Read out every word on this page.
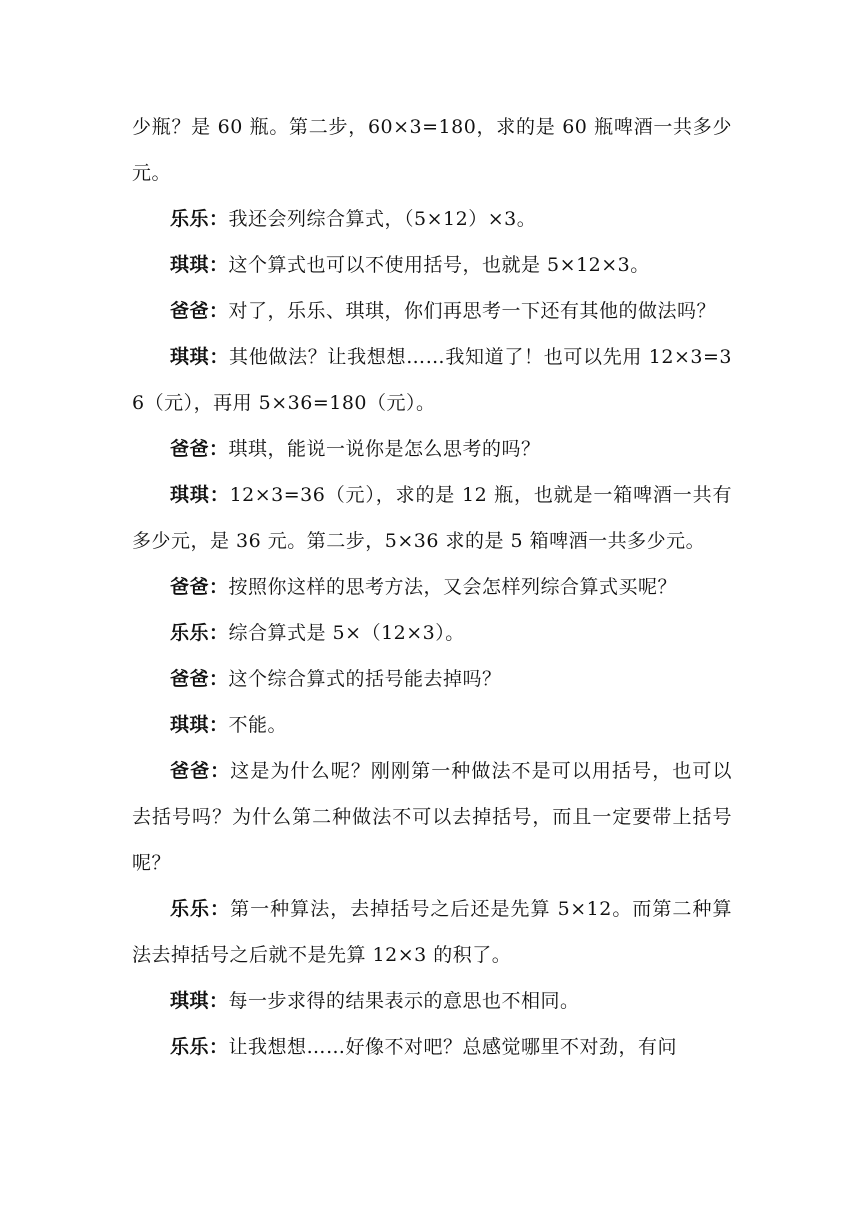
少瓶？是 60 瓶。第二步，60×3=180，求的是 60 瓶啤酒一共多少元。

乐乐：我还会列综合算式，（5×12）×3。

琪琪：这个算式也可以不使用括号，也就是 5×12×3。

爸爸：对了，乐乐、琪琪，你们再思考一下还有其他的做法吗？

琪琪：其他做法？让我想想……我知道了！也可以先用 12×3=36（元），再用 5×36=180（元）。

爸爸：琪琪，能说一说你是怎么思考的吗？

琪琪：12×3=36（元），求的是 12 瓶，也就是一箱啤酒一共有多少元，是 36 元。第二步，5×36 求的是 5 箱啤酒一共多少元。

爸爸：按照你这样的思考方法，又会怎样列综合算式买呢？

乐乐：综合算式是 5×（12×3）。

爸爸：这个综合算式的括号能去掉吗？

琪琪：不能。

爸爸：这是为什么呢？刚刚第一种做法不是可以用括号，也可以去括号吗？为什么第二种做法不可以去掉括号，而且一定要带上括号呢？

乐乐：第一种算法，去掉括号之后还是先算 5×12。而第二种算法去掉括号之后就不是先算 12×3 的积了。

琪琪：每一步求得的结果表示的意思也不相同。

乐乐：让我想想……好像不对吧？总感觉哪里不对劲，有问
